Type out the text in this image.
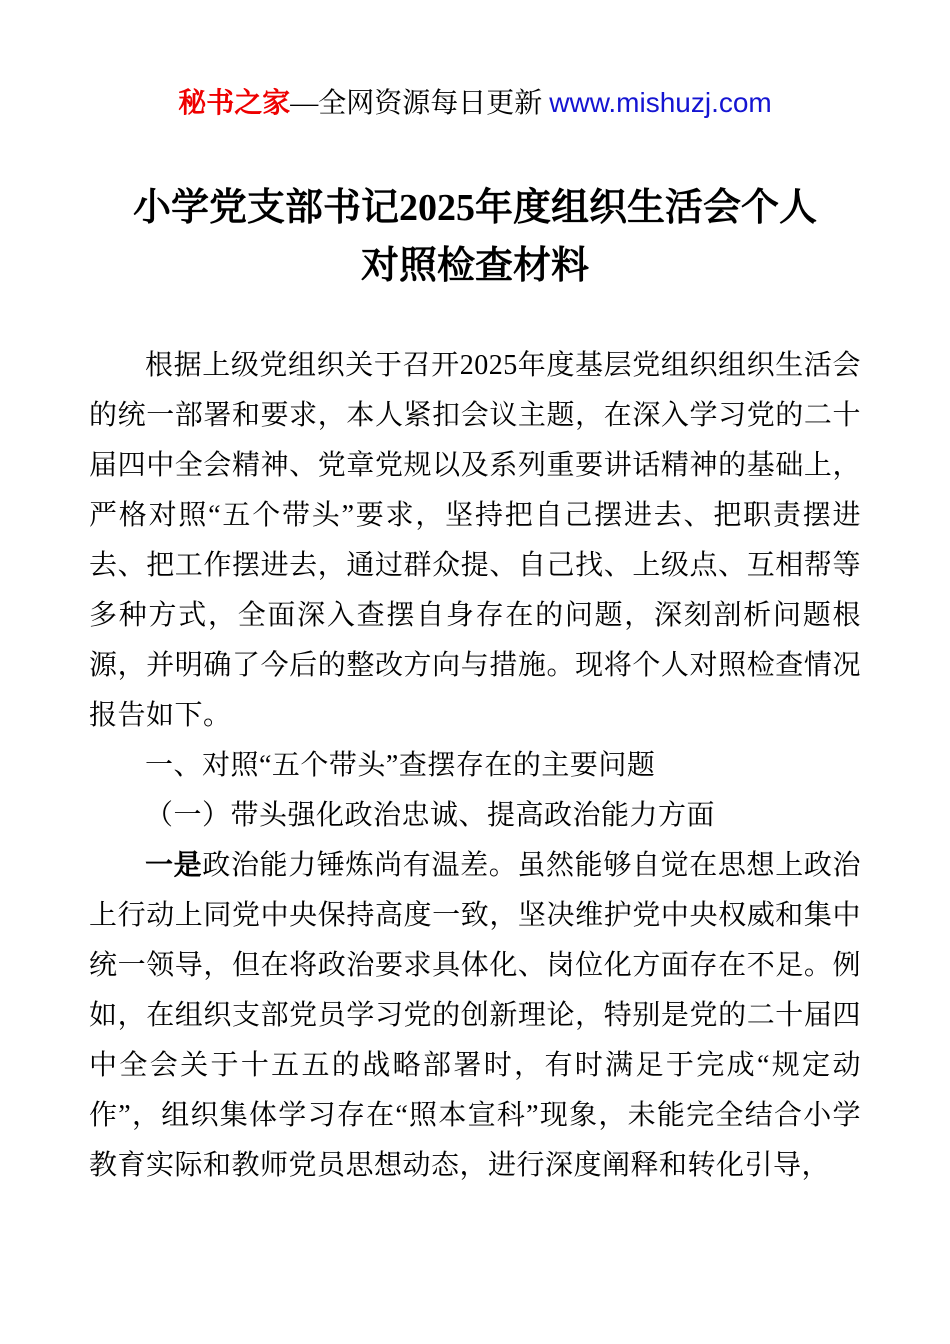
秘书之家—全网资源每日更新 www.mishuzj.com
小学党支部书记2025年度组织生活会个人对照检查材料

根据上级党组织关于召开2025年度基层党组织组织生活会的统一部署和要求，本人紧扣会议主题，在深入学习党的二十届四中全会精神、党章党规以及系列重要讲话精神的基础上，严格对照“五个带头”要求，坚持把自己摆进去、把职责摆进去、把工作摆进去，通过群众提、自己找、上级点、互相帮等多种方式，全面深入查摆自身存在的问题，深刻剖析问题根源，并明确了今后的整改方向与措施。现将个人对照检查情况报告如下。

一、对照“五个带头”查摆存在的主要问题

（一）带头强化政治忠诚、提高政治能力方面

一是政治能力锤炼尚有温差。虽然能够自觉在思想上政治上行动上同党中央保持高度一致，坚决维护党中央权威和集中统一领导，但在将政治要求具体化、岗位化方面存在不足。例如，在组织支部党员学习党的创新理论，特别是党的二十届四中全会关于十五五的战略部署时，有时满足于完成“规定动作”，组织集体学习存在“照本宣科”现象，未能完全结合小学教育实际和教师党员思想动态，进行深度阐释和转化引导，
